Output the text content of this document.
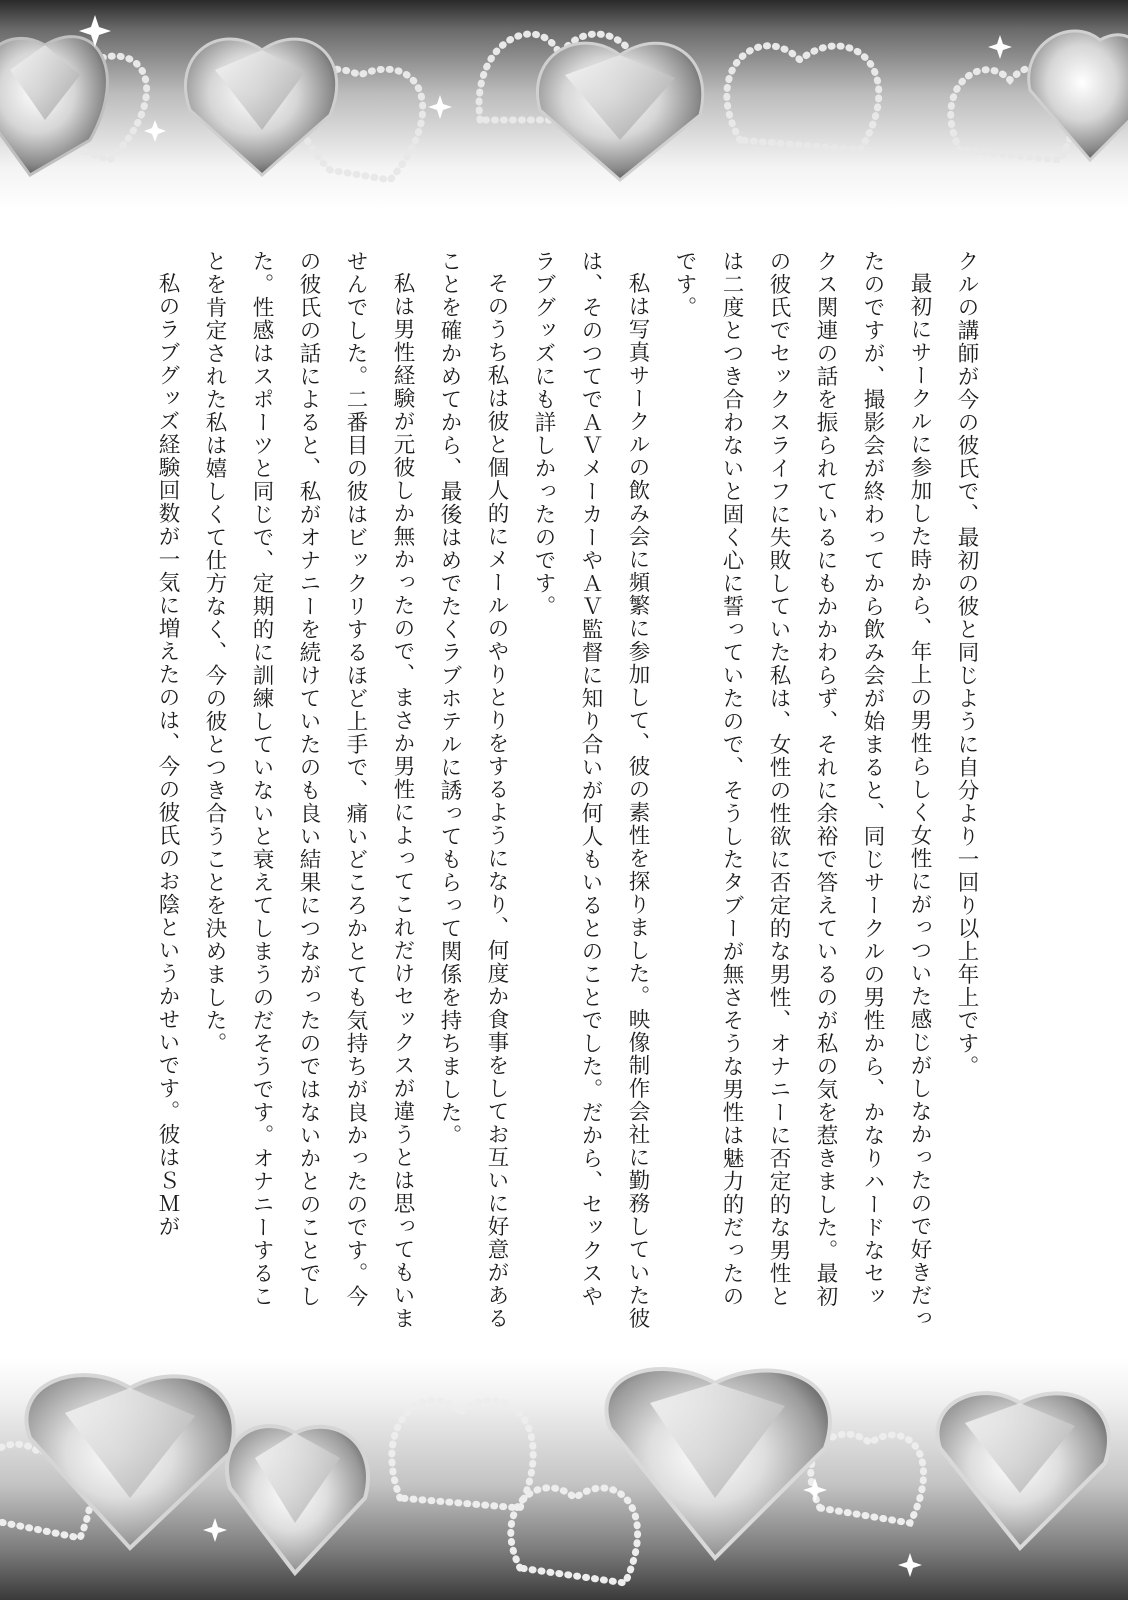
クルの講師が今の彼氏で、最初の彼と同じように自分より一回り以上年上です。

最初にサークルに参加した時から、年上の男性らしく女性にがっついた感じがしなかったので好きだったのですが、撮影会が終わってから飲み会が始まると、同じサークルの男性から、かなりハードなセックス関連の話を振られているにもかかわらず、それに余裕で答えているのが私の気を惹きました。最初の彼氏でセックスライフに失敗していた私は、女性の性欲に否定的な男性、オナニーに否定的な男性とは二度とつき合わないと固く心に誓っていたので、そうしたタブーが無さそうな男性は魅力的だったのです。

私は写真サークルの飲み会に頻繁に参加して、彼の素性を探りました。映像制作会社に勤務していた彼は、そのつてでＡＶメーカーやＡＶ監督に知り合いが何人もいるとのことでした。だから、セックスやラブグッズにも詳しかったのです。

そのうち私は彼と個人的にメールのやりとりをするようになり、何度か食事をしてお互いに好意があることを確かめてから、最後はめでたくラブホテルに誘ってもらって関係を持ちました。

私は男性経験が元彼しか無かったので、まさか男性によってこれだけセックスが違うとは思ってもいませんでした。二番目の彼はビックリするほど上手で、痛いどころかとても気持ちが良かったのです。今の彼氏の話によると、私がオナニーを続けていたのも良い結果につながったのではないかとのことでした。性感はスポーツと同じで、定期的に訓練していないと衰えてしまうのだそうです。オナニーすることを肯定された私は嬉しくて仕方なく、今の彼とつき合うことを決めました。

私のラブグッズ経験回数が一気に増えたのは、今の彼氏のお陰というかせいです。彼はＳＭが
